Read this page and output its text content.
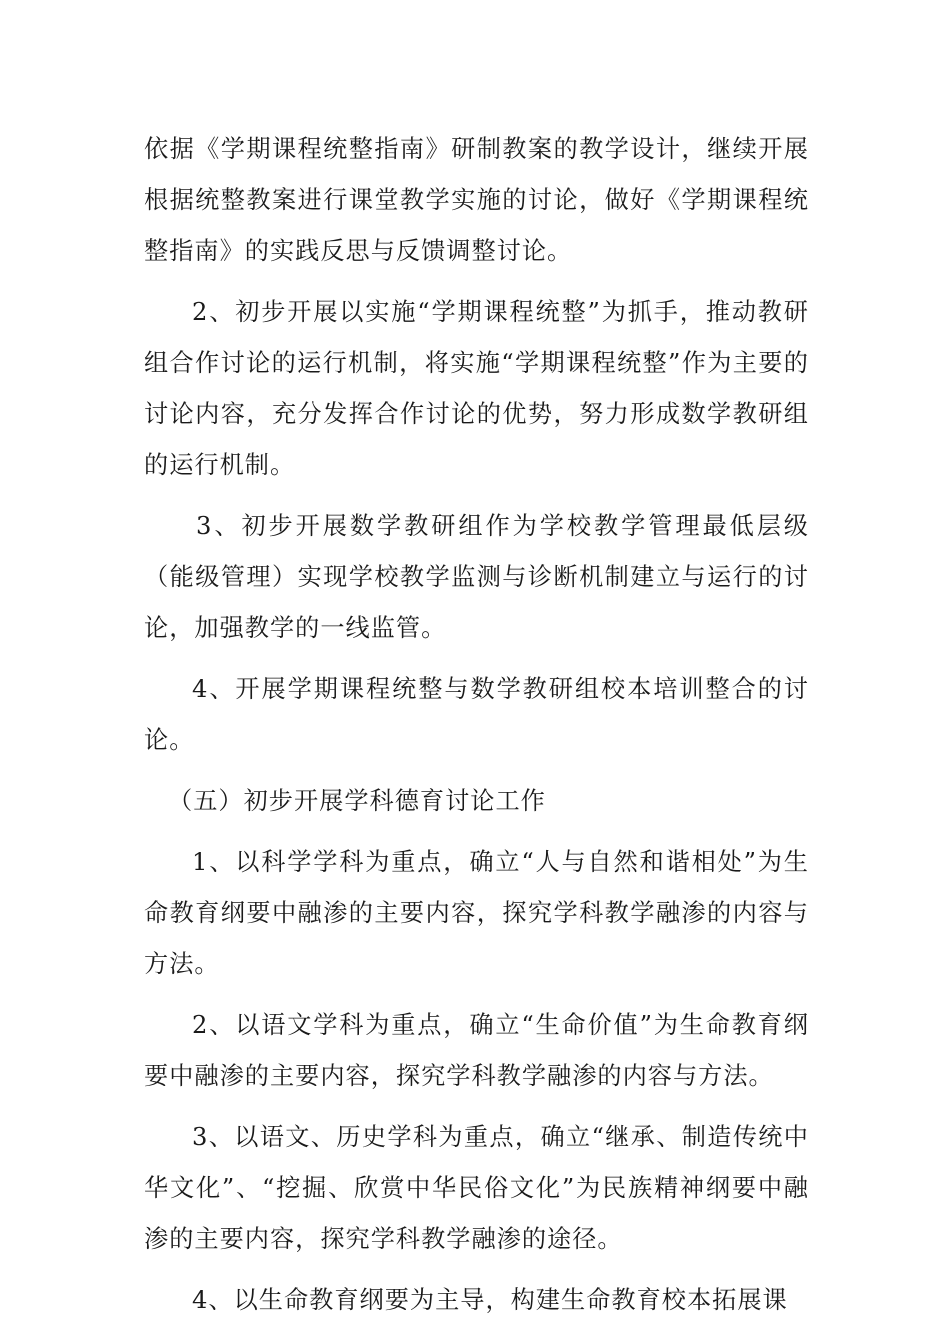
依据《学期课程统整指南》研制教案的教学设计，继续开展根据统整教案进行课堂教学实施的讨论，做好《学期课程统整指南》的实践反思与反馈调整讨论。

2、初步开展以实施“学期课程统整”为抓手，推动教研组合作讨论的运行机制，将实施“学期课程统整”作为主要的讨论内容，充分发挥合作讨论的优势，努力形成数学教研组的运行机制。

3、初步开展数学教研组作为学校教学管理最低层级（能级管理）实现学校教学监测与诊断机制建立与运行的讨论，加强教学的一线监管。

4、开展学期课程统整与数学教研组校本培训整合的讨论。

（五）初步开展学科德育讨论工作

1、以科学学科为重点，确立“人与自然和谐相处”为生命教育纲要中融渗的主要内容，探究学科教学融渗的内容与方法。

2、以语文学科为重点，确立“生命价值”为生命教育纲要中融渗的主要内容，探究学科教学融渗的内容与方法。

3、以语文、历史学科为重点，确立“继承、制造传统中华文化”、“挖掘、欣赏中华民俗文化”为民族精神纲要中融渗的主要内容，探究学科教学融渗的途径。

4、以生命教育纲要为主导，构建生命教育校本拓展课
